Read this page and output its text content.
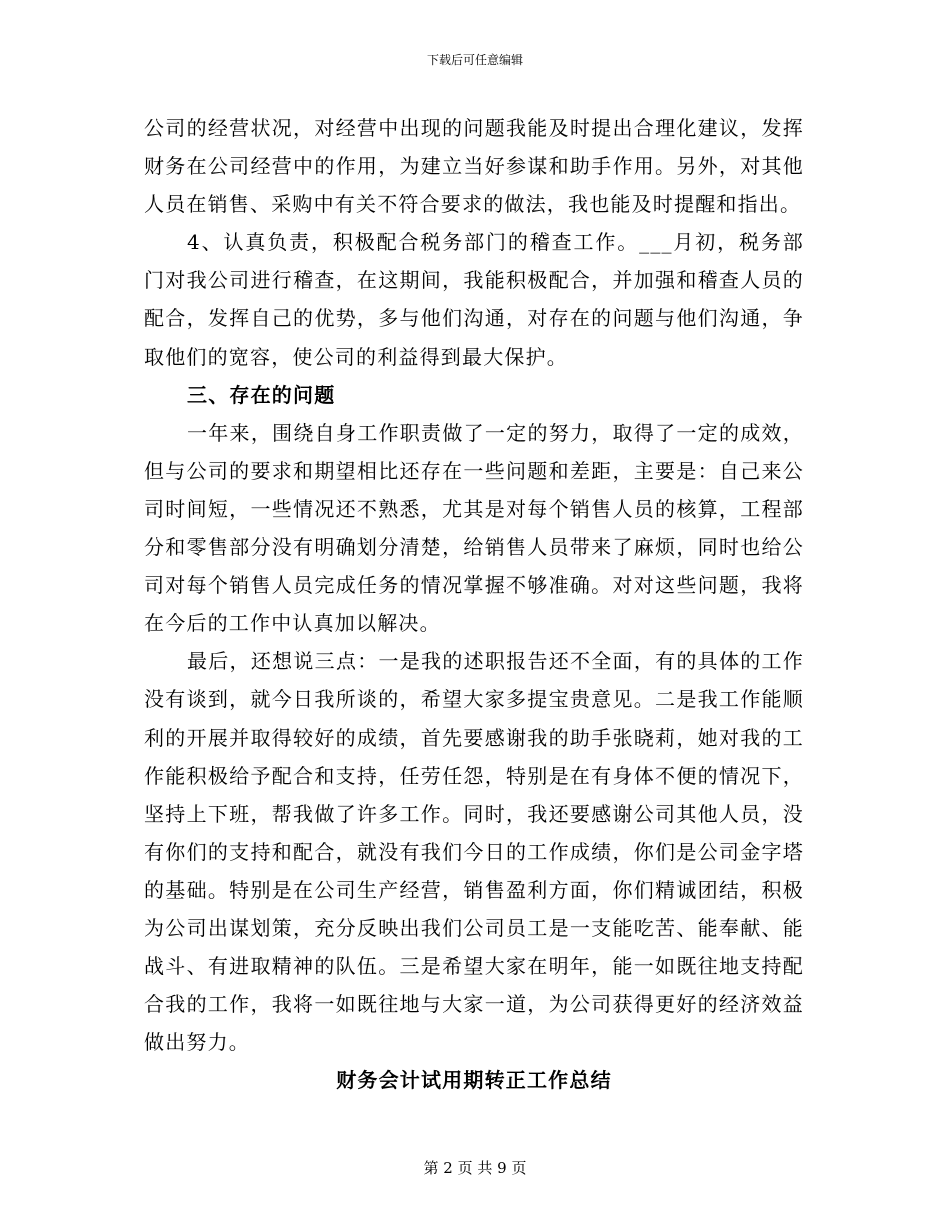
下载后可任意编辑

公司的经营状况，对经营中出现的问题我能及时提出合理化建议，发挥财务在公司经营中的作用，为建立当好参谋和助手作用。另外，对其他人员在销售、采购中有关不符合要求的做法，我也能及时提醒和指出。

4、认真负责，积极配合税务部门的稽查工作。___月初，税务部门对我公司进行稽查，在这期间，我能积极配合，并加强和稽查人员的配合，发挥自己的优势，多与他们沟通，对存在的问题与他们沟通，争取他们的宽容，使公司的利益得到最大保护。

三、存在的问题

一年来，围绕自身工作职责做了一定的努力，取得了一定的成效，但与公司的要求和期望相比还存在一些问题和差距，主要是：自己来公司时间短，一些情况还不熟悉，尤其是对每个销售人员的核算，工程部分和零售部分没有明确划分清楚，给销售人员带来了麻烦，同时也给公司对每个销售人员完成任务的情况掌握不够准确。对对这些问题，我将在今后的工作中认真加以解决。

最后，还想说三点：一是我的述职报告还不全面，有的具体的工作没有谈到，就今日我所谈的，希望大家多提宝贵意见。二是我工作能顺利的开展并取得较好的成绩，首先要感谢我的助手张晓莉，她对我的工作能积极给予配合和支持，任劳任怨，特别是在有身体不便的情况下，坚持上下班，帮我做了许多工作。同时，我还要感谢公司其他人员，没有你们的支持和配合，就没有我们今日的工作成绩，你们是公司金字塔的基础。特别是在公司生产经营，销售盈利方面，你们精诚团结，积极为公司出谋划策，充分反映出我们公司员工是一支能吃苦、能奉献、能战斗、有进取精神的队伍。三是希望大家在明年，能一如既往地支持配合我的工作，我将一如既往地与大家一道，为公司获得更好的经济效益做出努力。

财务会计试用期转正工作总结

第 2 页 共 9 页
